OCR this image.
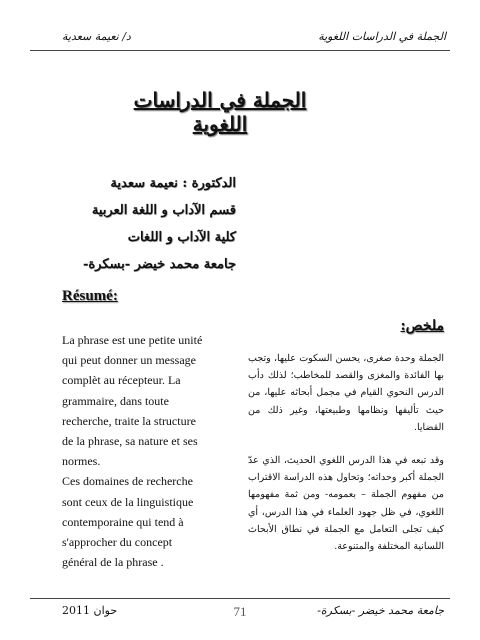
الجملة في الدراسات اللغوية
د/ نعيمة سعدية
الجملة في الدراسات اللغوية
الدكتورة : نعيمة سعدية
قسم الآداب و اللغة العربية
كلية الآداب و اللغات
جامعة محمد خيضر -بسكرة-
Résumé:
La phrase est une petite unité
qui peut donner un message
complèt au récepteur. La
grammaire, dans toute
recherche, traite la structure
de la phrase, sa nature et ses
normes.
Ces domaines de recherche
sont ceux de la linguistique
contemporaine qui tend à
s'approcher du concept
général de la phrase .
ملخص:

الجملة وحدة صغرى، يحسن السكوت عليها، وتجب بها الفائدة والمغزى والقصد للمخاطب؛ لذلك دأب الدرس النحوي القيام في مجمل أبحاثه عليها، من حيث تأليفها ونظامها وطبيعتها، وغير ذلك من القضايا.

وقد تبعه في هذا الدرس اللغوي الحديث، الذي عدّ الجملة أكبر وحداته؛ وتحاول هذه الدراسة الاقتراب من مفهوم الجملة – بعمومه- ومن ثمة مفهومها اللغوي، في ظل جهود العلماء في هذا الدرس، أي كيف تجلى التعامل مع الجملة في نطاق الأبحاث اللسانية المختلفة والمتنوعة.

حوان 2011	71	جامعة محمد خيضر -بسكرة-
